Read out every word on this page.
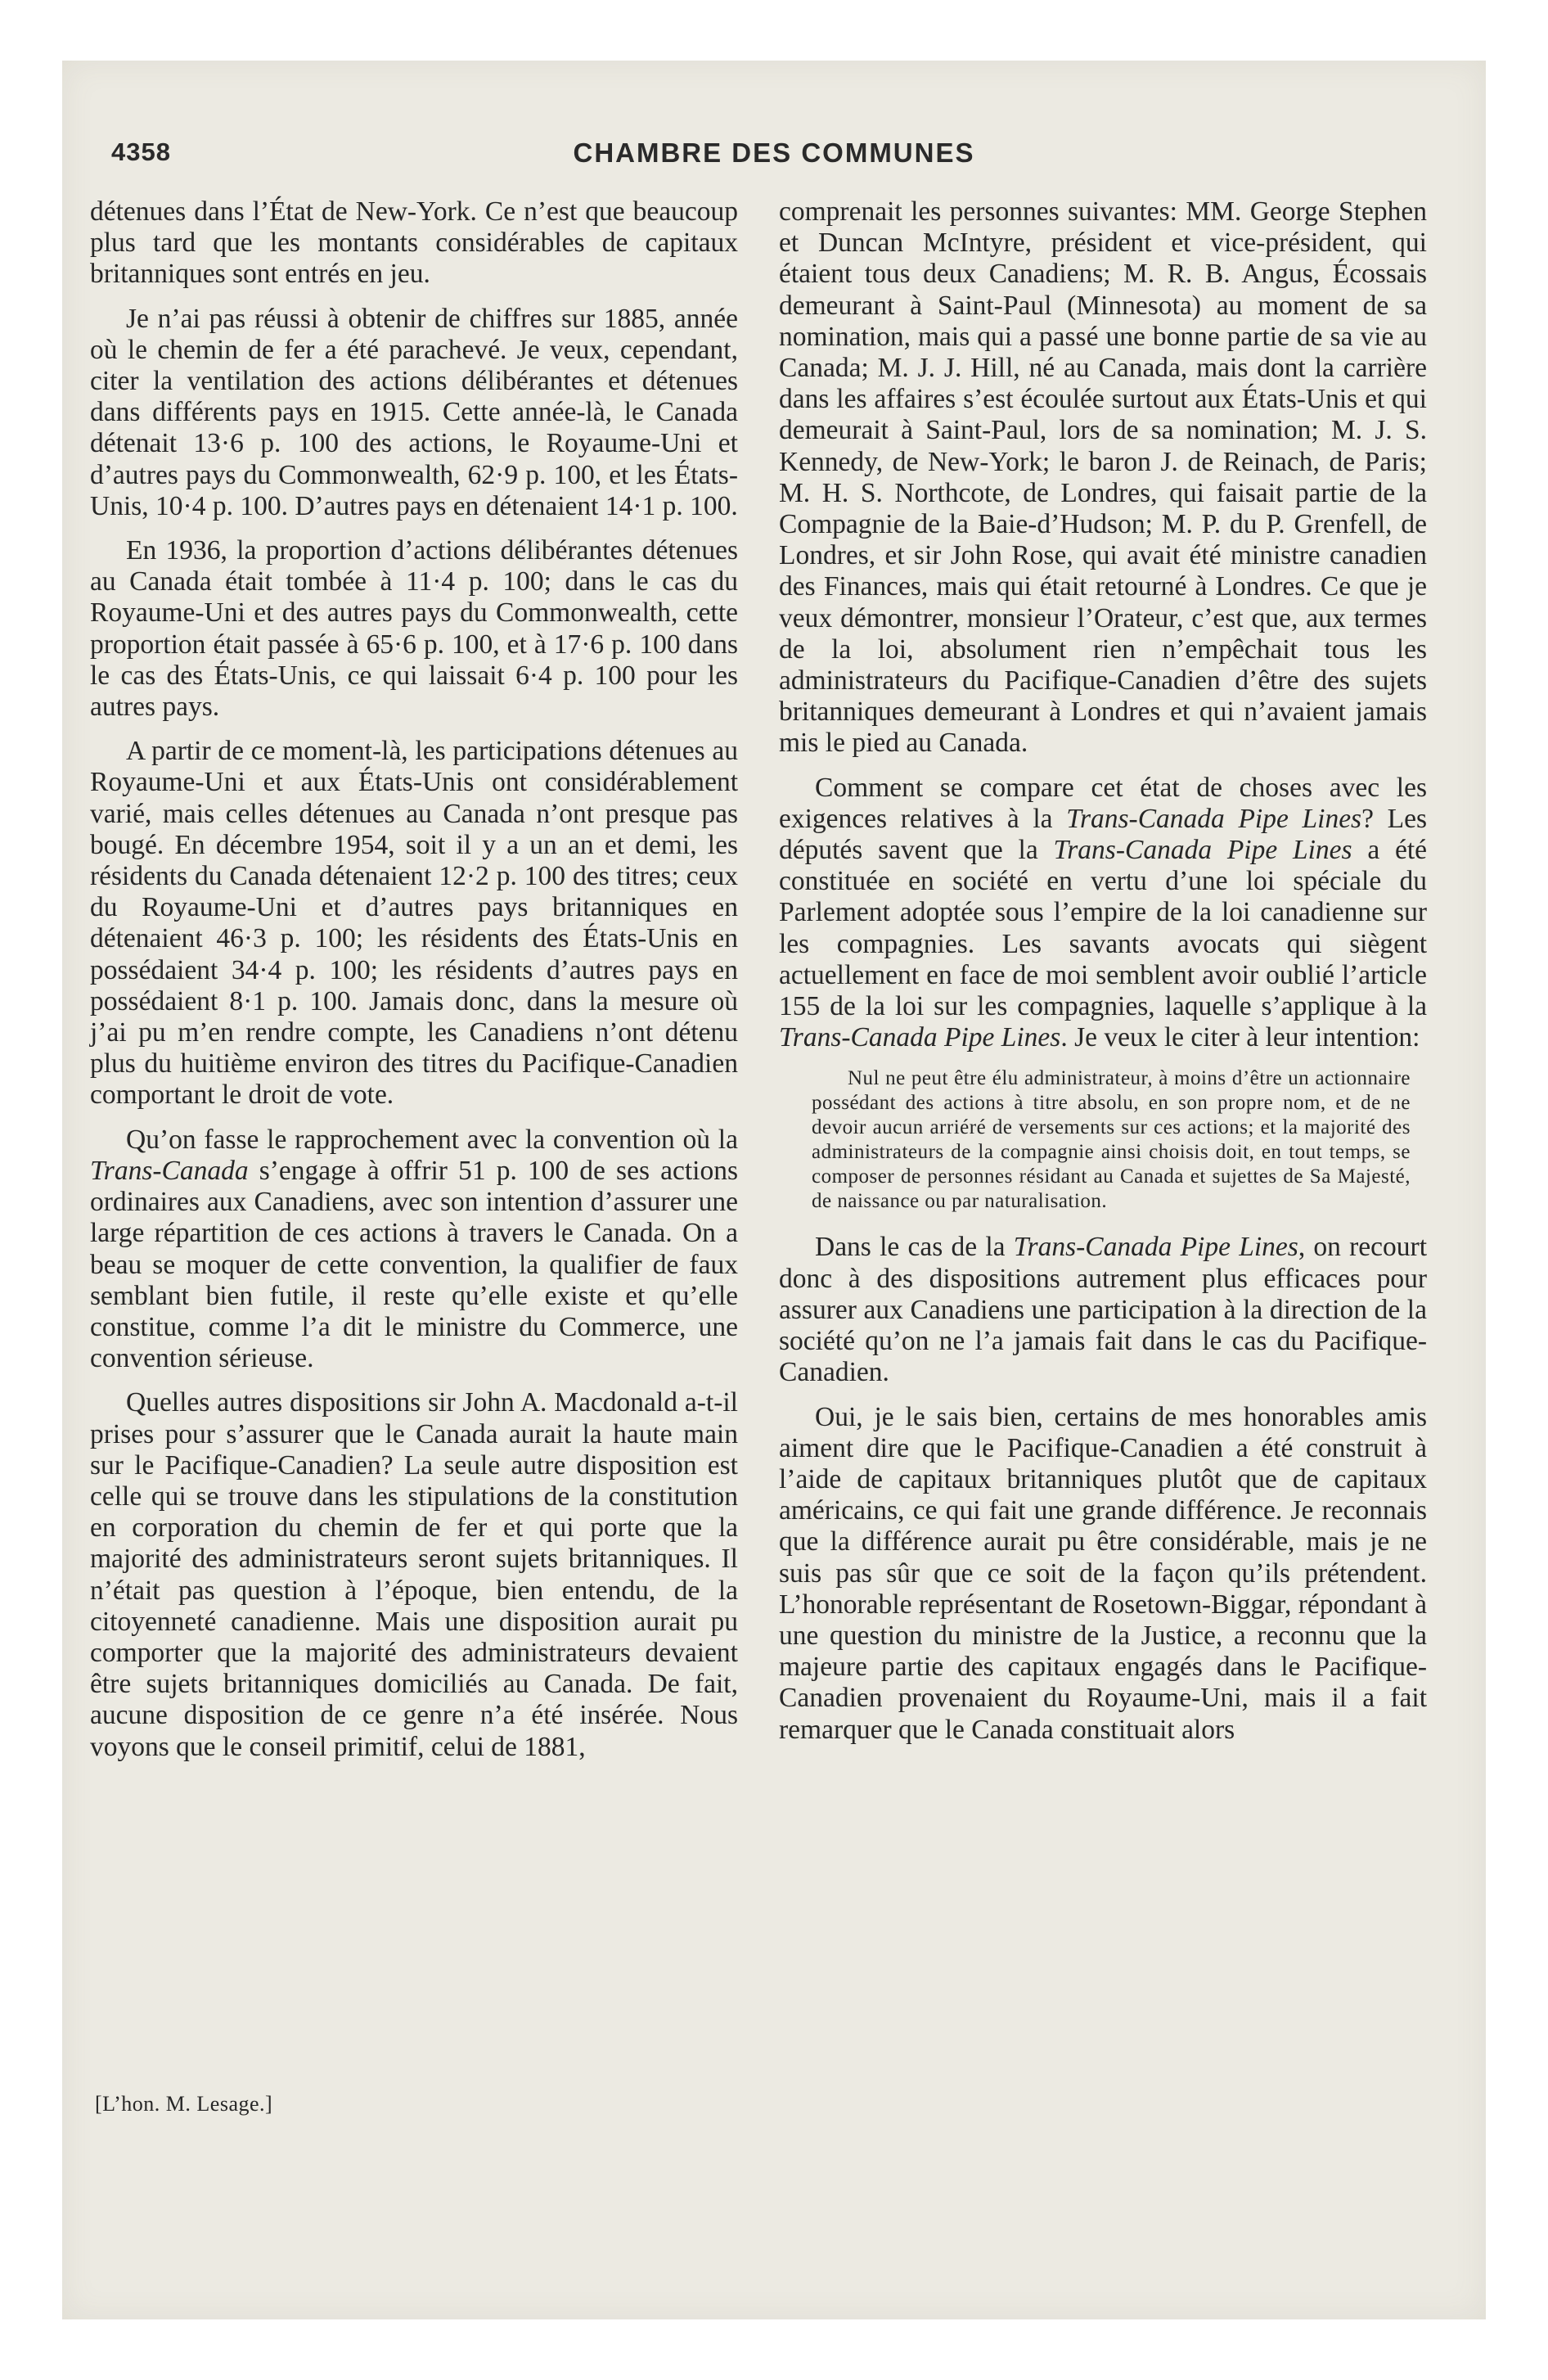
4358	CHAMBRE DES COMMUNES

détenues dans l’État de New-York. Ce n’est que beaucoup plus tard que les montants considérables de capitaux britanniques sont entrés en jeu.

Je n’ai pas réussi à obtenir de chiffres sur 1885, année où le chemin de fer a été parachevé. Je veux, cependant, citer la ventilation des actions délibérantes et détenues dans différents pays en 1915. Cette année-là, le Canada détenait 13·6 p. 100 des actions, le Royaume-Uni et d’autres pays du Commonwealth, 62·9 p. 100, et les États-Unis, 10·4 p. 100. D’autres pays en détenaient 14·1 p. 100.

En 1936, la proportion d’actions délibérantes détenues au Canada était tombée à 11·4 p. 100; dans le cas du Royaume-Uni et des autres pays du Commonwealth, cette proportion était passée à 65·6 p. 100, et à 17·6 p. 100 dans le cas des États-Unis, ce qui laissait 6·4 p. 100 pour les autres pays.

A partir de ce moment-là, les participations détenues au Royaume-Uni et aux États-Unis ont considérablement varié, mais celles détenues au Canada n’ont presque pas bougé. En décembre 1954, soit il y a un an et demi, les résidents du Canada détenaient 12·2 p. 100 des titres; ceux du Royaume-Uni et d’autres pays britanniques en détenaient 46·3 p. 100; les résidents des États-Unis en possédaient 34·4 p. 100; les résidents d’autres pays en possédaient 8·1 p. 100. Jamais donc, dans la mesure où j’ai pu m’en rendre compte, les Canadiens n’ont détenu plus du huitième environ des titres du Pacifique-Canadien comportant le droit de vote.

Qu’on fasse le rapprochement avec la convention où la Trans-Canada s’engage à offrir 51 p. 100 de ses actions ordinaires aux Canadiens, avec son intention d’assurer une large répartition de ces actions à travers le Canada. On a beau se moquer de cette convention, la qualifier de faux semblant bien futile, il reste qu’elle existe et qu’elle constitue, comme l’a dit le ministre du Commerce, une convention sérieuse.

Quelles autres dispositions sir John A. Macdonald a-t-il prises pour s’assurer que le Canada aurait la haute main sur le Pacifique-Canadien? La seule autre disposition est celle qui se trouve dans les stipulations de la constitution en corporation du chemin de fer et qui porte que la majorité des administrateurs seront sujets britanniques. Il n’était pas question à l’époque, bien entendu, de la citoyenneté canadienne. Mais une disposition aurait pu comporter que la majorité des administrateurs devaient être sujets britanniques domiciliés au Canada. De fait, aucune disposition de ce genre n’a été insérée. Nous voyons que le conseil primitif, celui de 1881,

comprenait les personnes suivantes: MM. George Stephen et Duncan McIntyre, président et vice-président, qui étaient tous deux Canadiens; M. R. B. Angus, Écossais demeurant à Saint-Paul (Minnesota) au moment de sa nomination, mais qui a passé une bonne partie de sa vie au Canada; M. J. J. Hill, né au Canada, mais dont la carrière dans les affaires s’est écoulée surtout aux États-Unis et qui demeurait à Saint-Paul, lors de sa nomination; M. J. S. Kennedy, de New-York; le baron J. de Reinach, de Paris; M. H. S. Northcote, de Londres, qui faisait partie de la Compagnie de la Baie-d’Hudson; M. P. du P. Grenfell, de Londres, et sir John Rose, qui avait été ministre canadien des Finances, mais qui était retourné à Londres. Ce que je veux démontrer, monsieur l’Orateur, c’est que, aux termes de la loi, absolument rien n’empêchait tous les administrateurs du Pacifique-Canadien d’être des sujets britanniques demeurant à Londres et qui n’avaient jamais mis le pied au Canada.

Comment se compare cet état de choses avec les exigences relatives à la Trans-Canada Pipe Lines? Les députés savent que la Trans-Canada Pipe Lines a été constituée en société en vertu d’une loi spéciale du Parlement adoptée sous l’empire de la loi canadienne sur les compagnies. Les savants avocats qui siègent actuellement en face de moi semblent avoir oublié l’article 155 de la loi sur les compagnies, laquelle s’applique à la Trans-Canada Pipe Lines. Je veux le citer à leur intention:

Nul ne peut être élu administrateur, à moins d’être un actionnaire possédant des actions à titre absolu, en son propre nom, et de ne devoir aucun arriéré de versements sur ces actions; et la majorité des administrateurs de la compagnie ainsi choisis doit, en tout temps, se composer de personnes résidant au Canada et sujettes de Sa Majesté, de naissance ou par naturalisation.

Dans le cas de la Trans-Canada Pipe Lines, on recourt donc à des dispositions autrement plus efficaces pour assurer aux Canadiens une participation à la direction de la société qu’on ne l’a jamais fait dans le cas du Pacifique-Canadien.

Oui, je le sais bien, certains de mes honorables amis aiment dire que le Pacifique-Canadien a été construit à l’aide de capitaux britanniques plutôt que de capitaux américains, ce qui fait une grande différence. Je reconnais que la différence aurait pu être considérable, mais je ne suis pas sûr que ce soit de la façon qu’ils prétendent. L’honorable représentant de Rosetown-Biggar, répondant à une question du ministre de la Justice, a reconnu que la majeure partie des capitaux engagés dans le Pacifique-Canadien provenaient du Royaume-Uni, mais il a fait remarquer que le Canada constituait alors

[L’hon. M. Lesage.]
